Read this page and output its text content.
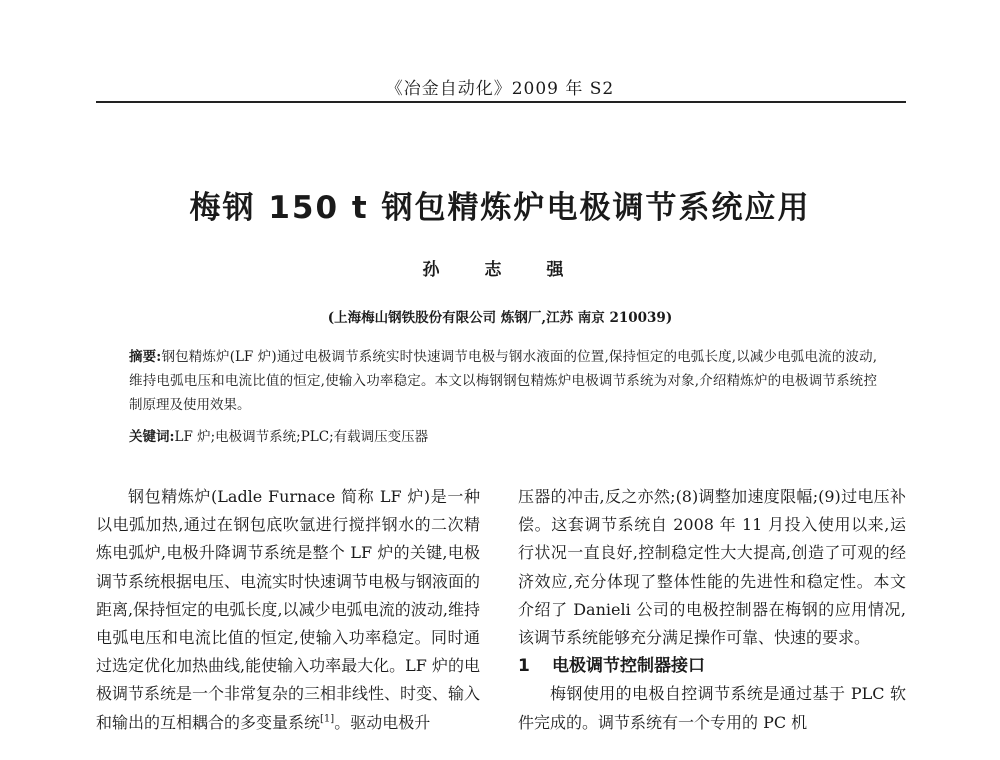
《冶金自动化》2009 年 S2
梅钢 150 t 钢包精炼炉电极调节系统应用
孙　志　强
(上海梅山钢铁股份有限公司 炼钢厂,江苏 南京 210039)
摘要:钢包精炼炉(LF 炉)通过电极调节系统实时快速调节电极与钢水液面的位置,保持恒定的电弧长度,以减少电弧电流的波动,维持电弧电压和电流比值的恒定,使输入功率稳定。本文以梅钢钢包精炼炉电极调节系统为对象,介绍精炼炉的电极调节系统控制原理及使用效果。
关键词:LF 炉;电极调节系统;PLC;有载调压变压器

钢包精炼炉(Ladle Furnace 简称 LF 炉)是一种以电弧加热,通过在钢包底吹氩进行搅拌钢水的二次精炼电弧炉,电极升降调节系统是整个 LF 炉的关键,电极调节系统根据电压、电流实时快速调节电极与钢液面的距离,保持恒定的电弧长度,以减少电弧电流的波动,维持电弧电压和电流比值的恒定,使输入功率稳定。同时通过选定优化加热曲线,能使输入功率最大化。LF 炉的电极调节系统是一个非常复杂的三相非线性、时变、输入和输出的互相耦合的多变量系统[1]。驱动电极升

压器的冲击,反之亦然;(8)调整加速度限幅;(9)过电压补偿。这套调节系统自 2008 年 11 月投入使用以来,运行状况一直良好,控制稳定性大大提高,创造了可观的经济效应,充分体现了整体性能的先进性和稳定性。本文介绍了 Danieli 公司的电极控制器在梅钢的应用情况,该调节系统能够充分满足操作可靠、快速的要求。

1 电极调节控制器接口

梅钢使用的电极自控调节系统是通过基于 PLC 软件完成的。调节系统有一个专用的 PC 机
